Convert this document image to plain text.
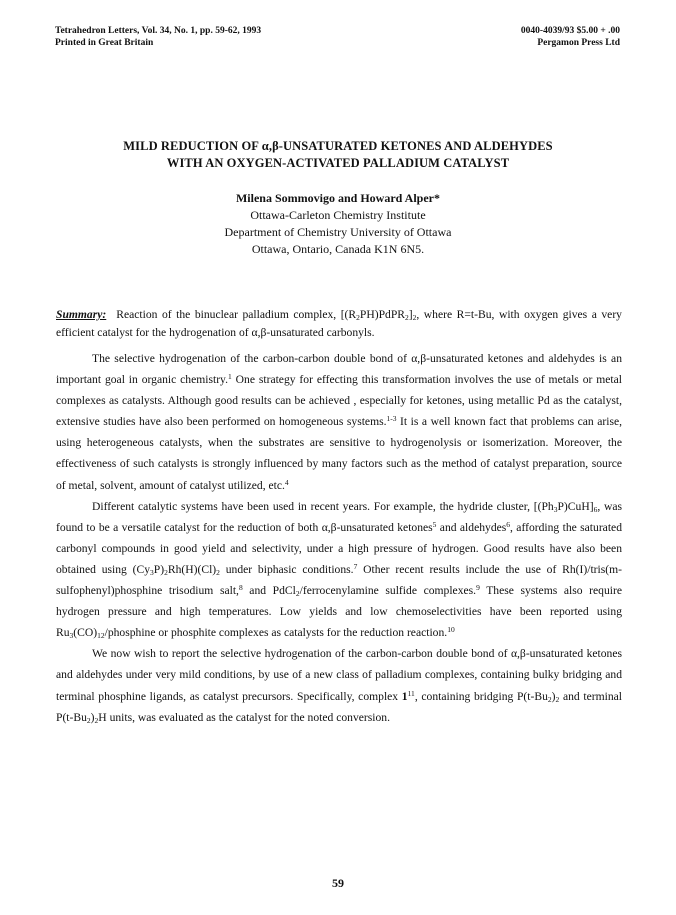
Tetrahedron Letters, Vol. 34, No. 1, pp. 59-62, 1993
Printed in Great Britain
0040-4039/93 $5.00 + .00
Pergamon Press Ltd
MILD REDUCTION OF α,β-UNSATURATED KETONES AND ALDEHYDES
WITH AN OXYGEN-ACTIVATED PALLADIUM CATALYST
Milena Sommovigo and Howard Alper*
Ottawa-Carleton Chemistry Institute
Department of Chemistry University of Ottawa
Ottawa, Ontario, Canada K1N 6N5.
Summary: Reaction of the binuclear palladium complex, $[(R_2PH)PdPR_2]_2$, where R=t-Bu, with oxygen gives a very efficient catalyst for the hydrogenation of α,β-unsaturated carbonyls.

The selective hydrogenation of the carbon-carbon double bond of α,β-unsaturated ketones and aldehydes is an important goal in organic chemistry.$^1$ One strategy for effecting this transformation involves the use of metals or metal complexes as catalysts. Although good results can be achieved , especially for ketones, using metallic Pd as the catalyst, extensive studies have also been performed on homogeneous systems.$^{1-3}$ It is a well known fact that problems can arise, using heterogeneous catalysts, when the substrates are sensitive to hydrogenolysis or isomerization. Moreover, the effectiveness of such catalysts is strongly influenced by many factors such as the method of catalyst preparation, source of metal, solvent, amount of catalyst utilized, etc.$^4$

Different catalytic systems have been used in recent years. For example, the hydride cluster, $[(Ph_3P)CuH]_6$, was found to be a versatile catalyst for the reduction of both α,β-unsaturated ketones$^5$ and aldehydes$^6$, affording the saturated carbonyl compounds in good yield and selectivity, under a high pressure of hydrogen. Good results have also been obtained using $(Cy_3P)_2Rh(H)(Cl)_2$ under biphasic conditions.$^7$ Other recent results include the use of Rh(I)/tris(m-sulfophenyl)phosphine trisodium salt,$^8$ and PdCl$_2$/ferrocenylamine sulfide complexes.$^9$ These systems also require hydrogen pressure and high temperatures. Low yields and low chemoselectivities have been reported using $Ru_3(CO)_{12}$/phosphine or phosphite complexes as catalysts for the reduction reaction.$^{10}$

We now wish to report the selective hydrogenation of the carbon-carbon double bond of α,β-unsaturated ketones and aldehydes under very mild conditions, by use of a new class of palladium complexes, containing bulky bridging and terminal phosphine ligands, as catalyst precursors. Specifically, complex $1^{11}$, containing bridging $P(t-Bu_2)_2$ and terminal $P(t-Bu_2)_2H$ units, was evaluated as the catalyst for the noted conversion.

59
